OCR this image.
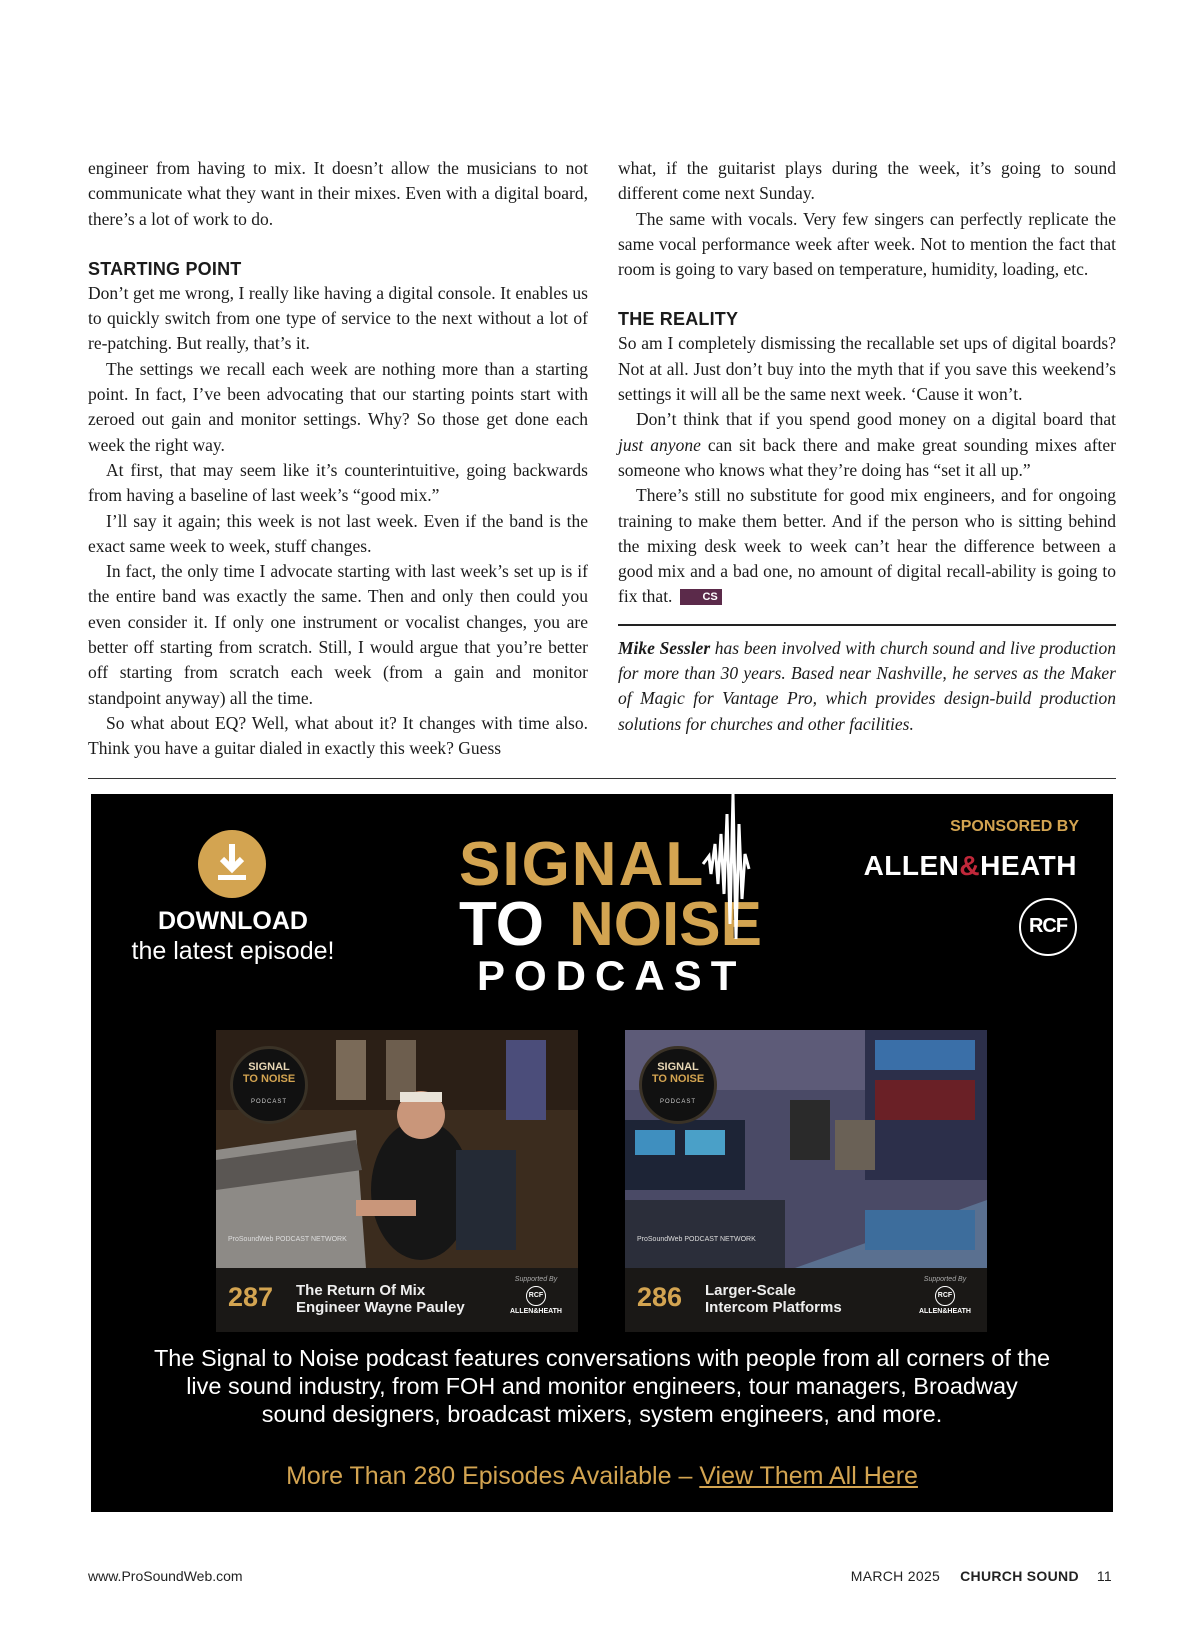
engineer from having to mix. It doesn’t allow the musicians to not communicate what they want in their mixes. Even with a digital board, there’s a lot of work to do.

STARTING POINT

Don’t get me wrong, I really like having a digital console. It enables us to quickly switch from one type of service to the next without a lot of re-patching. But really, that’s it.

The settings we recall each week are nothing more than a starting point. In fact, I’ve been advocating that our starting points start with zeroed out gain and monitor settings. Why? So those get done each week the right way.

At first, that may seem like it’s counterintuitive, going backwards from having a baseline of last week’s “good mix.”

I’ll say it again; this week is not last week. Even if the band is the exact same week to week, stuff changes.

In fact, the only time I advocate starting with last week’s set up is if the entire band was exactly the same. Then and only then could you even consider it. If only one instrument or vocalist changes, you are better off starting from scratch. Still, I would argue that you’re better off starting from scratch each week (from a gain and monitor standpoint anyway) all the time.

So what about EQ? Well, what about it? It changes with time also. Think you have a guitar dialed in exactly this week? Guess

what, if the guitarist plays during the week, it’s going to sound different come next Sunday.

The same with vocals. Very few singers can perfectly replicate the same vocal performance week after week. Not to mention the fact that room is going to vary based on temperature, humidity, loading, etc.

THE REALITY

So am I completely dismissing the recallable set ups of digital boards? Not at all. Just don’t buy into the myth that if you save this weekend’s settings it will all be the same next week. ‘Cause it won’t.

Don’t think that if you spend good money on a digital board that just anyone can sit back there and make great sounding mixes after someone who knows what they’re doing has “set it all up.”

There’s still no substitute for good mix engineers, and for ongoing training to make them better. And if the person who is sitting behind the mixing desk week to week can’t hear the difference between a good mix and a bad one, no amount of digital recall-ability is going to fix that.	CS

Mike Sessler has been involved with church sound and live production for more than 30 years. Based near Nashville, he serves as the Maker of Magic for Vantage Pro, which provides design-build production solutions for churches and other facilities.

DOWNLOAD
the latest episode!
SIGNAL
TO NOISE
PODCAST
SPONSORED BY
ALLEN&HEATH
RCF
SIGNAL
TO NOISE
PODCAST
ProSoundWeb PODCAST NETWORK
287 The Return Of Mix
Engineer Wayne Pauley
Supported By
RCF
ALLEN&HEATH
SIGNAL
TO NOISE
PODCAST
ProSoundWeb PODCAST NETWORK
286 Larger-Scale
Intercom Platforms
Supported By
RCF
ALLEN&HEATH
The Signal to Noise podcast features conversations with people from all corners of the live sound industry, from FOH and monitor engineers, tour managers, Broadway sound designers, broadcast mixers, system engineers, and more.
More Than 280 Episodes Available – View Them All Here
www.ProSoundWeb.com	MARCH 2025 CHURCH SOUND 11
